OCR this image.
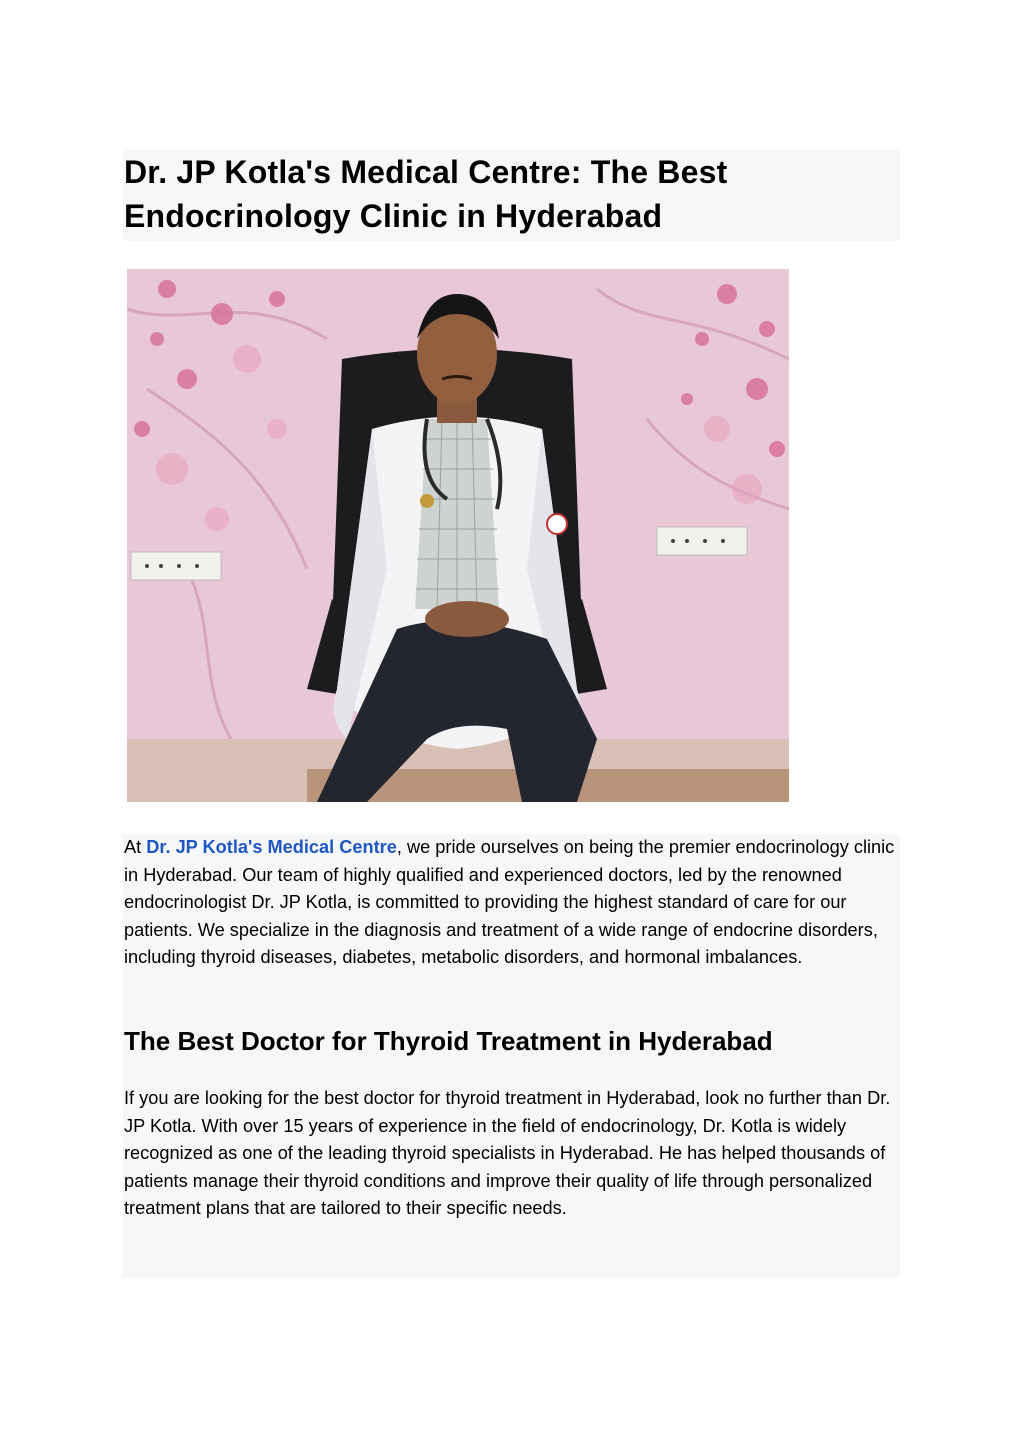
Dr. JP Kotla's Medical Centre: The Best
Endocrinology Clinic in Hyderabad

At Dr. JP Kotla's Medical Centre, we pride ourselves on being the premier endocrinology clinic in Hyderabad. Our team of highly qualified and experienced doctors, led by the renowned endocrinologist Dr. JP Kotla, is committed to providing the highest standard of care for our patients. We specialize in the diagnosis and treatment of a wide range of endocrine disorders, including thyroid diseases, diabetes, metabolic disorders, and hormonal imbalances.

The Best Doctor for Thyroid Treatment in Hyderabad

If you are looking for the best doctor for thyroid treatment in Hyderabad, look no further than Dr. JP Kotla. With over 15 years of experience in the field of endocrinology, Dr. Kotla is widely recognized as one of the leading thyroid specialists in Hyderabad. He has helped thousands of patients manage their thyroid conditions and improve their quality of life through personalized treatment plans that are tailored to their specific needs.
